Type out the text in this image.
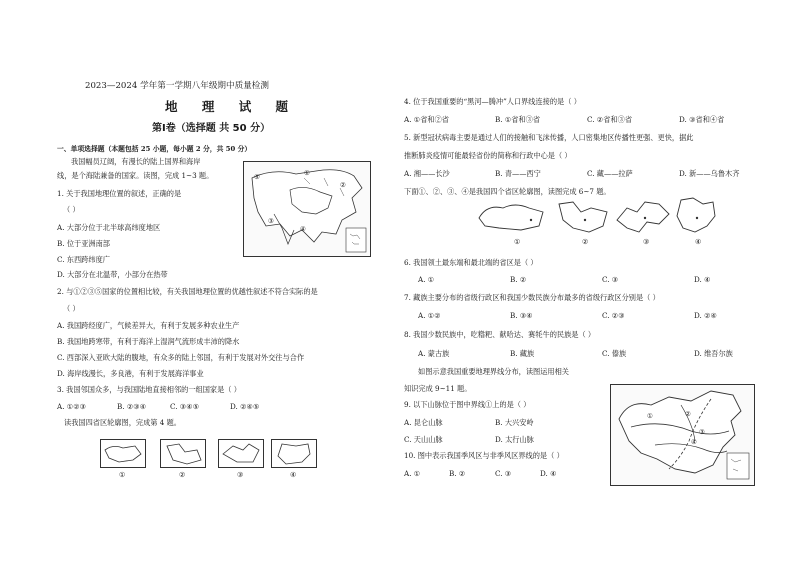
2023—2024 学年第一学期八年级期中质量检测
地 理 试 题
第Ⅰ卷（选择题 共 50 分）
一、单项选择题（本题包括 25 小题，每小题 2 分，共 50 分）
我国幅员辽阔，有漫长的陆上国界和海岸
线，是个海陆兼备的国家。读图，完成 1~3 题。	①
②
③
④
⑤
1. 关于我国地理位置的叙述，正确的是
（ ）
A. 大部分位于北半球高纬度地区
B. 位于亚洲南部
C. 东西跨纬度广
D. 大部分在北温带，小部分在热带
2. 与①②③⑤国家的位置相比较，有关我国地理位置的优越性叙述不符合实际的是
（ ）
A. 我国跨经度广，气候差异大，有利于发展多种农业生产
B. 我国地跨寒带，有利于海洋上湿润气流形成丰沛的降水
C. 西部深入亚欧大陆的腹地，有众多的陆上邻国，有利于发展对外交往与合作
D. 海岸线漫长，多良港，有利于发展海洋事业
3. 我国邻国众多，与我国陆地直接相邻的一组国家是（ ）
A. ①②③	B. ②③④	C. ③④⑤	D. ②④⑤
读我国四省区轮廓图，完成第 4 题。
①	②	③	④
4. 位于我国重要的“黑河—腾冲”人口界线连接的是（ ）
A. ①省和②省	B. ①省和③省	C. ②省和③省	D. ③省和④省
5. 新型冠状病毒主要是通过人们的接触和飞沫传播，人口密集地区传播性更强、更快，据此
推断肺炎疫情可能最轻省份的简称和行政中心是（ ）
A. 湘——长沙	B. 青——西宁	C. 藏——拉萨	D. 新——乌鲁木齐
下面①、②、③、④是我国四个省区轮廓图，读图完成 6~7 题。
①	②	③	④
6. 我国领土最东端和最北端的省区是（ ）
A. ①	B. ②	C. ③	D. ④
7. 藏族主要分布的省级行政区和我国少数民族分布最多的省级行政区分别是（ ）
A. ①②	B. ③④	C. ②③	D. ②④
8. 我国少数民族中，吃糌粑、献哈达、赛牦牛的民族是（ ）
A. 蒙古族	B. 藏族	C. 傣族	D. 维吾尔族
如图示意我国重要地理界线分布，读图运用相关
知识完成 9~11 题。
9. 以下山脉位于图中界线①上的是（ ）
A. 昆仑山脉	B. 大兴安岭
C. 天山山脉	D. 太行山脉
10. 图中表示我国季风区与非季风区界线的是（ ）
A. ①	B. ②	C. ③	D. ④
①	②
③
④
